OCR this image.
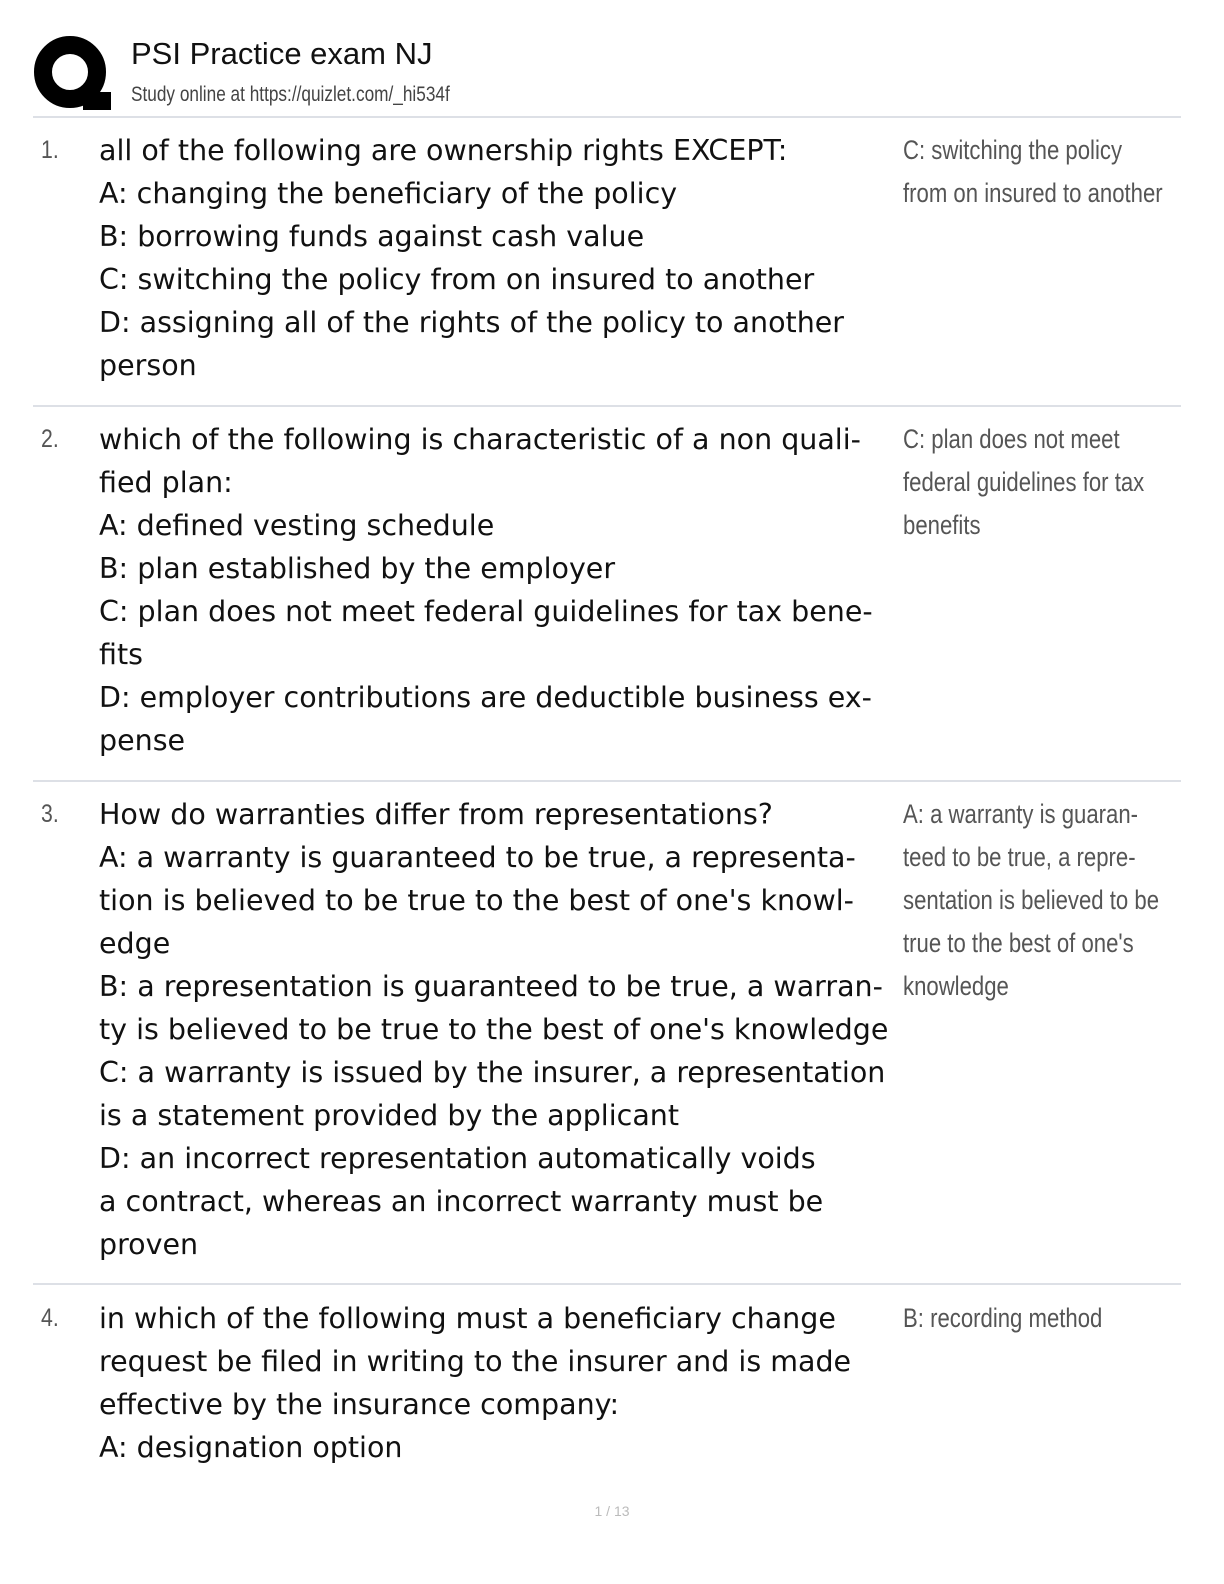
PSI Practice exam NJ
Study online at https://quizlet.com/_hi534f
1. all of the following are ownership rights EXCEPT:
A: changing the beneficiary of the policy
B: borrowing funds against cash value
C: switching the policy from on insured to another
D: assigning all of the rights of the policy to another
person
C: switching the policy
from on insured to another
2. which of the following is characteristic of a non quali-
fied plan:
A: defined vesting schedule
B: plan established by the employer
C: plan does not meet federal guidelines for tax bene-
fits
D: employer contributions are deductible business ex-
pense
C: plan does not meet
federal guidelines for tax
benefits
3. How do warranties differ from representations?
A: a warranty is guaranteed to be true, a representa-
tion is believed to be true to the best of one's knowl-
edge
B: a representation is guaranteed to be true, a warran-
ty is believed to be true to the best of one's knowledge
C: a warranty is issued by the insurer, a representation
is a statement provided by the applicant
D: an incorrect representation automatically voids
a contract, whereas an incorrect warranty must be
proven
A: a warranty is guaran-
teed to be true, a repre-
sentation is believed to be
true to the best of one's
knowledge
4. in which of the following must a beneficiary change
request be filed in writing to the insurer and is made
effective by the insurance company:
A: designation option
B: recording method
1 / 13
